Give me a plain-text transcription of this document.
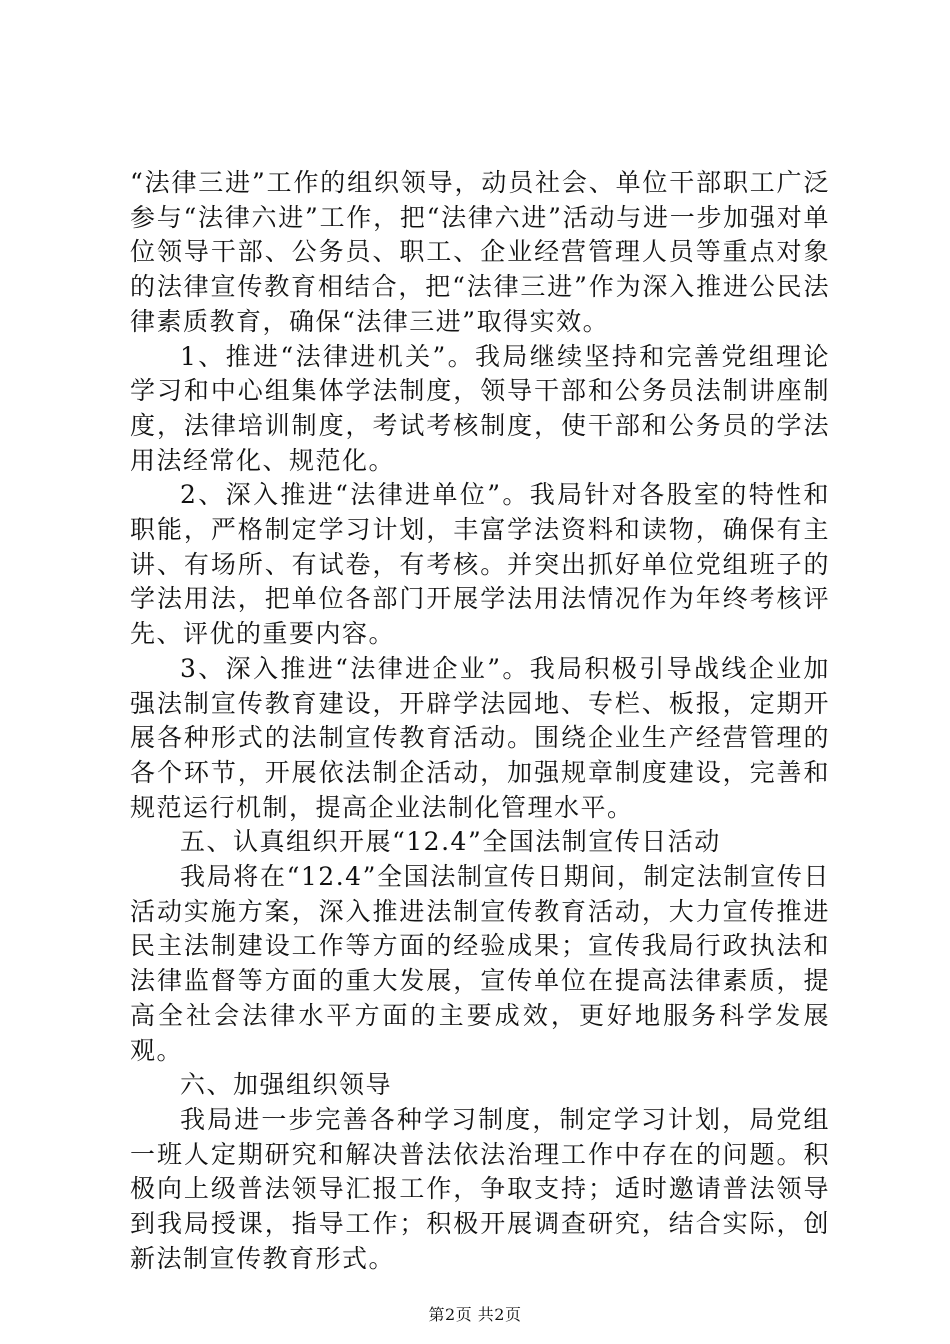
“法律三进”工作的组织领导，动员社会、单位干部职工广泛参与“法律六进”工作，把“法律六进”活动与进一步加强对单位领导干部、公务员、职工、企业经营管理人员等重点对象的法律宣传教育相结合，把“法律三进”作为深入推进公民法律素质教育，确保“法律三进”取得实效。

1、推进“法律进机关”。我局继续坚持和完善党组理论学习和中心组集体学法制度，领导干部和公务员法制讲座制度，法律培训制度，考试考核制度，使干部和公务员的学法用法经常化、规范化。

2、深入推进“法律进单位”。我局针对各股室的特性和职能，严格制定学习计划，丰富学法资料和读物，确保有主讲、有场所、有试卷，有考核。并突出抓好单位党组班子的学法用法，把单位各部门开展学法用法情况作为年终考核评先、评优的重要内容。

3、深入推进“法律进企业”。我局积极引导战线企业加强法制宣传教育建设，开辟学法园地、专栏、板报，定期开展各种形式的法制宣传教育活动。围绕企业生产经营管理的各个环节，开展依法制企活动，加强规章制度建设，完善和规范运行机制，提高企业法制化管理水平。

五、认真组织开展“12.4”全国法制宣传日活动

我局将在“12.4”全国法制宣传日期间，制定法制宣传日活动实施方案，深入推进法制宣传教育活动，大力宣传推进民主法制建设工作等方面的经验成果；宣传我局行政执法和法律监督等方面的重大发展，宣传单位在提高法律素质，提高全社会法律水平方面的主要成效，更好地服务科学发展观。

六、加强组织领导

我局进一步完善各种学习制度，制定学习计划，局党组一班人定期研究和解决普法依法治理工作中存在的问题。积极向上级普法领导汇报工作，争取支持；适时邀请普法领导到我局授课，指导工作；积极开展调查研究，结合实际，创新法制宣传教育形式。

第2页 共2页
